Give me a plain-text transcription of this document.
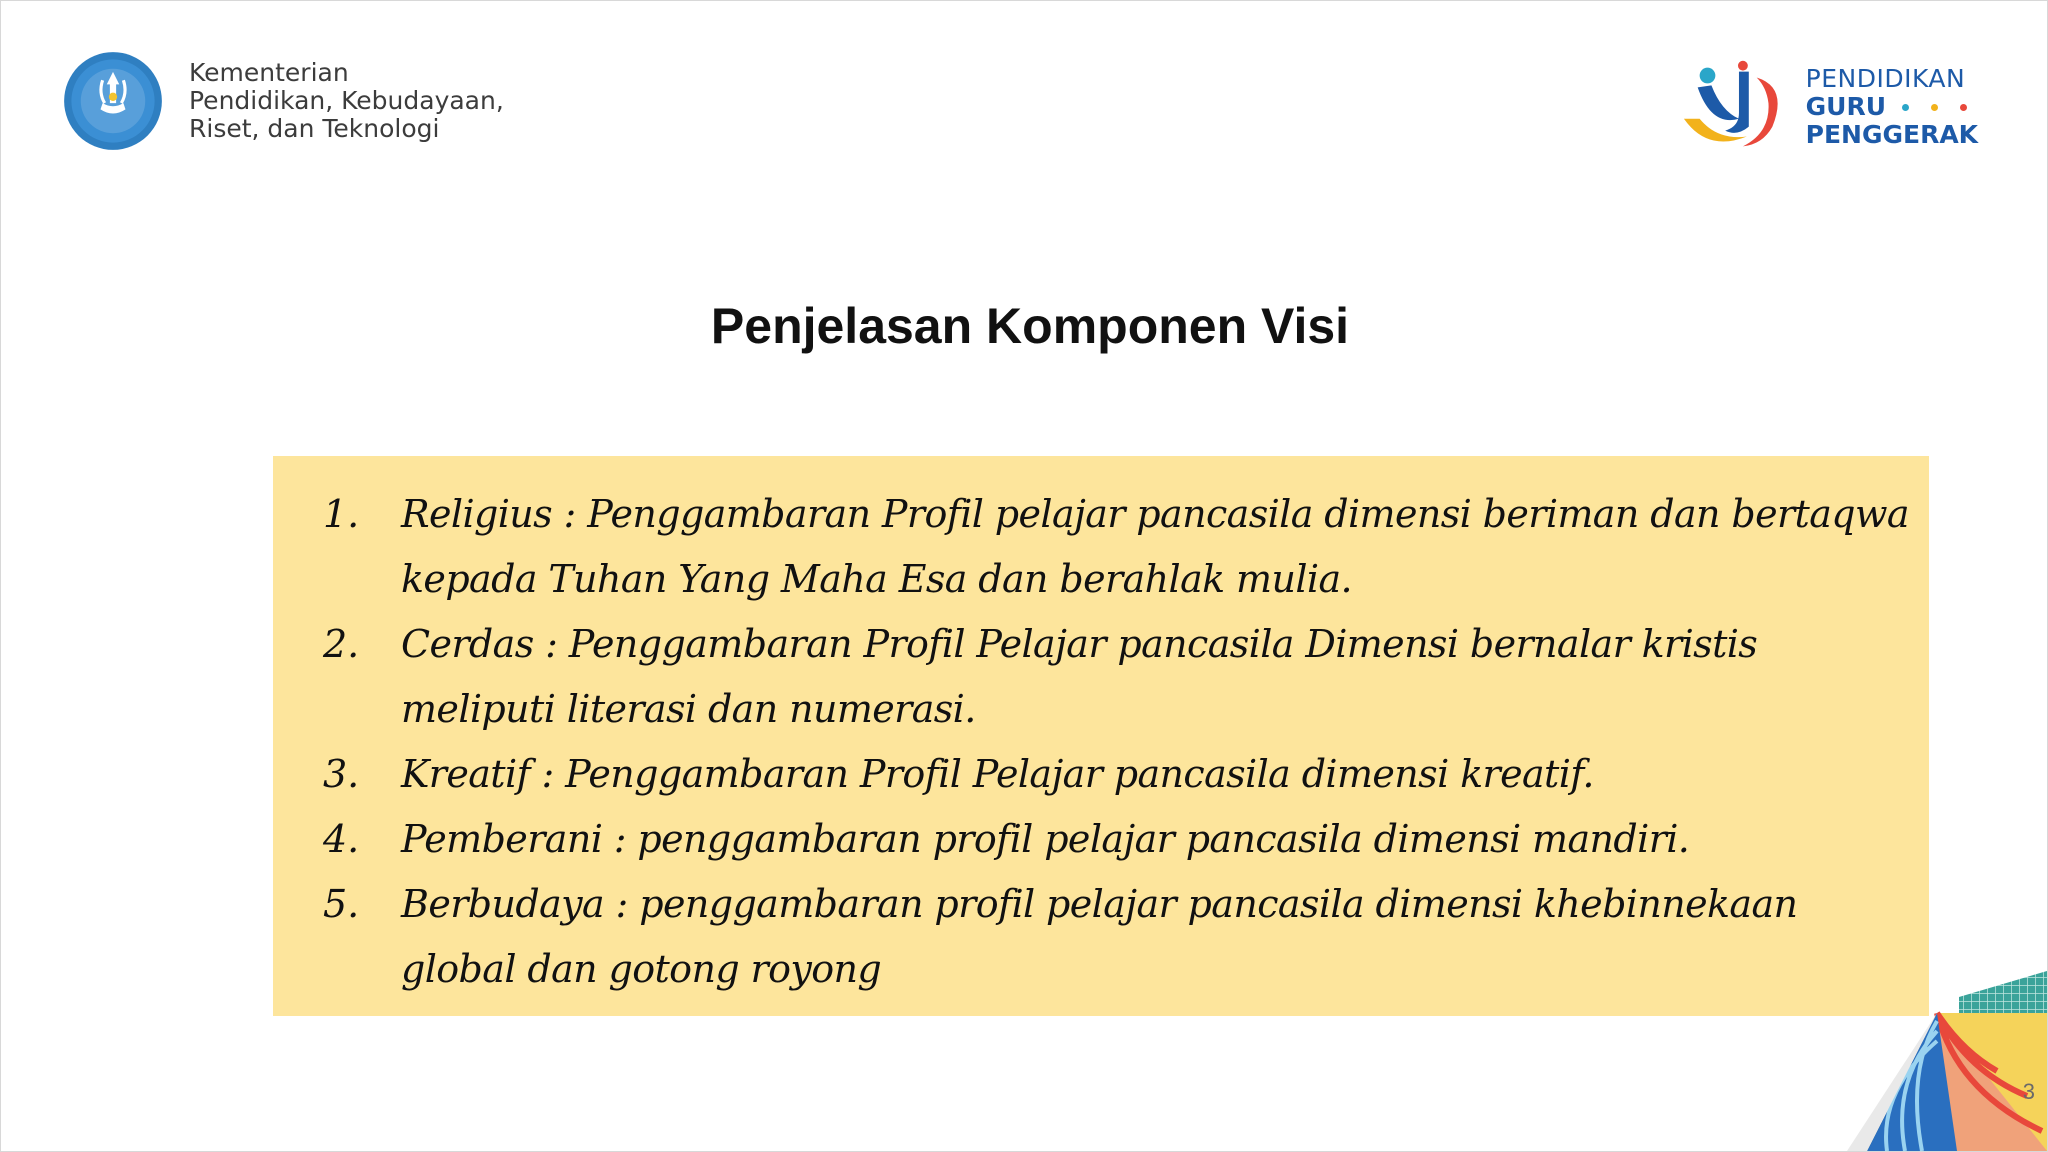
Kementerian
Pendidikan, Kebudayaan,
Riset, dan Teknologi
PENDIDIKAN
GURU
PENGGERAK
Penjelasan Komponen Visi
1.	Religius : Penggambaran Profil pelajar pancasila dimensi beriman dan bertaqwa kepada Tuhan Yang Maha Esa dan berahlak mulia.
2.	Cerdas : Penggambaran Profil Pelajar pancasila Dimensi bernalar kristis meliputi literasi dan numerasi.
3.	Kreatif : Penggambaran Profil Pelajar pancasila dimensi kreatif.
4.	Pemberani : penggambaran profil pelajar pancasila dimensi mandiri.
5.	Berbudaya : penggambaran profil pelajar pancasila dimensi khebinnekaan global dan gotong royong
3
